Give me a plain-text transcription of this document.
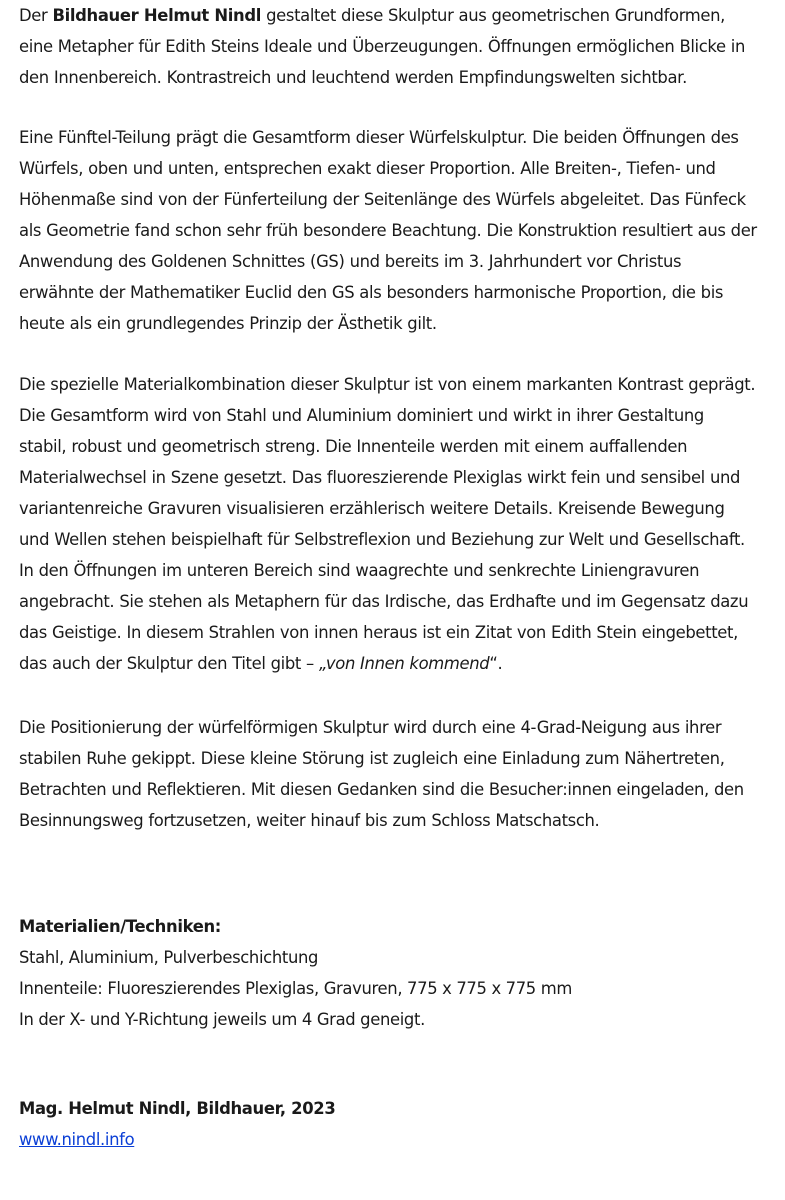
Der Bildhauer Helmut Nindl gestaltet diese Skulptur aus geometrischen Grundformen,
eine Metapher für Edith Steins Ideale und Überzeugungen. Öffnungen ermöglichen Blicke in
den Innenbereich. Kontrastreich und leuchtend werden Empfindungswelten sichtbar.
Eine Fünftel-Teilung prägt die Gesamtform dieser Würfelskulptur. Die beiden Öffnungen des
Würfels, oben und unten, entsprechen exakt dieser Proportion. Alle Breiten-, Tiefen- und
Höhenmaße sind von der Fünferteilung der Seitenlänge des Würfels abgeleitet. Das Fünfeck
als Geometrie fand schon sehr früh besondere Beachtung. Die Konstruktion resultiert aus der
Anwendung des Goldenen Schnittes (GS) und bereits im 3. Jahrhundert vor Christus
erwähnte der Mathematiker Euclid den GS als besonders harmonische Proportion, die bis
heute als ein grundlegendes Prinzip der Ästhetik gilt.
Die spezielle Materialkombination dieser Skulptur ist von einem markanten Kontrast geprägt.
Die Gesamtform wird von Stahl und Aluminium dominiert und wirkt in ihrer Gestaltung
stabil, robust und geometrisch streng. Die Innenteile werden mit einem auffallenden
Materialwechsel in Szene gesetzt. Das fluoreszierende Plexiglas wirkt fein und sensibel und
variantenreiche Gravuren visualisieren erzählerisch weitere Details. Kreisende Bewegung
und Wellen stehen beispielhaft für Selbstreflexion und Beziehung zur Welt und Gesellschaft.
In den Öffnungen im unteren Bereich sind waagrechte und senkrechte Liniengravuren
angebracht. Sie stehen als Metaphern für das Irdische, das Erdhafte und im Gegensatz dazu
das Geistige. In diesem Strahlen von innen heraus ist ein Zitat von Edith Stein eingebettet,
das auch der Skulptur den Titel gibt – „von Innen kommend“.
Die Positionierung der würfelförmigen Skulptur wird durch eine 4-Grad-Neigung aus ihrer
stabilen Ruhe gekippt. Diese kleine Störung ist zugleich eine Einladung zum Nähertreten,
Betrachten und Reflektieren. Mit diesen Gedanken sind die Besucher:innen eingeladen, den
Besinnungsweg fortzusetzen, weiter hinauf bis zum Schloss Matschatsch.
Materialien/Techniken:
Stahl, Aluminium, Pulverbeschichtung
Innenteile: Fluoreszierendes Plexiglas, Gravuren, 775 x 775 x 775 mm
In der X- und Y-Richtung jeweils um 4 Grad geneigt.
Mag. Helmut Nindl, Bildhauer, 2023
www.nindl.info
